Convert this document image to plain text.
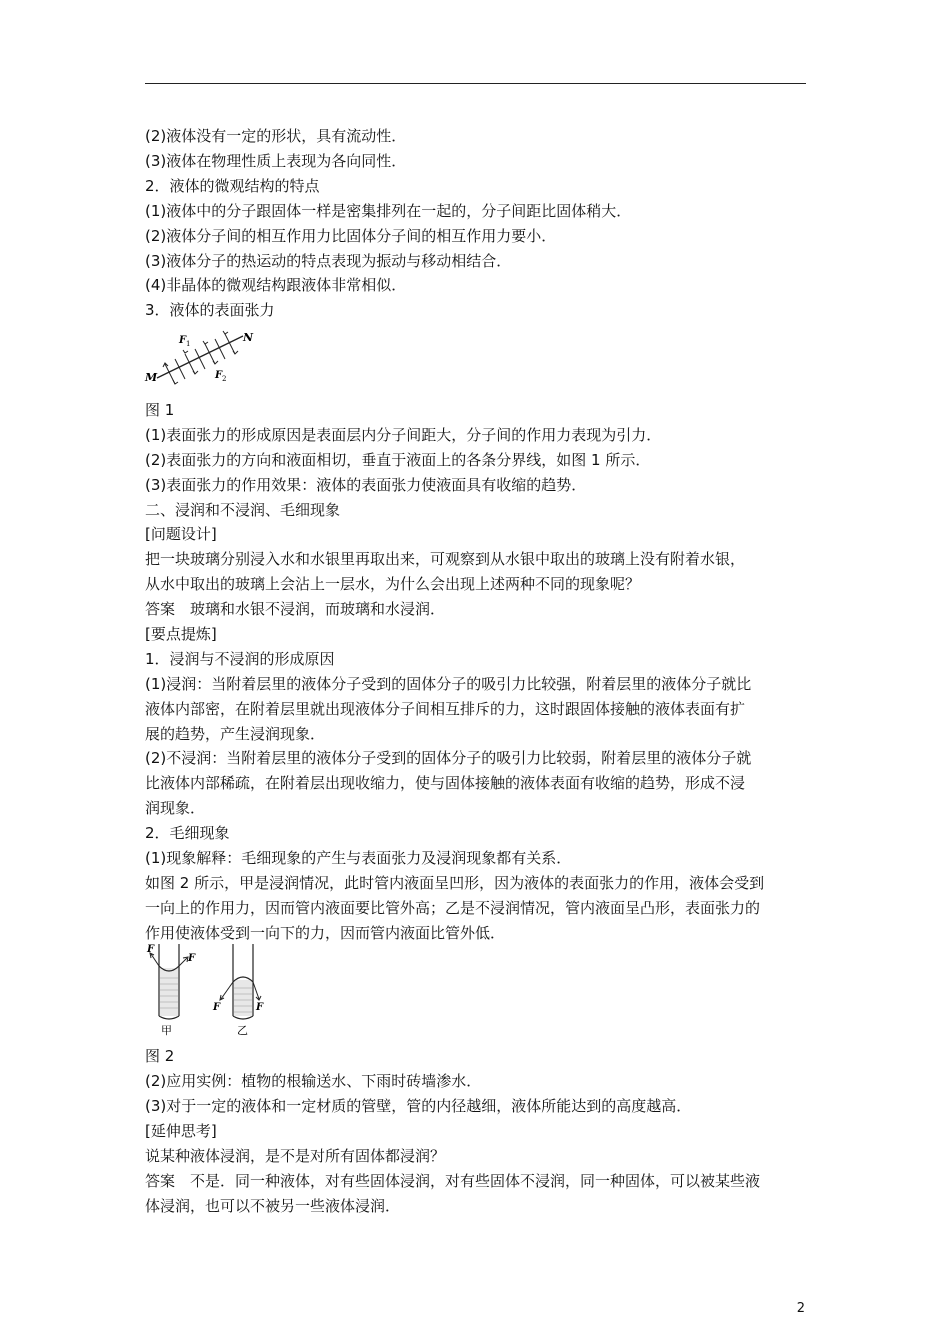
(2)液体没有一定的形状，具有流动性．
(3)液体在物理性质上表现为各向同性．
2．液体的微观结构的特点
(1)液体中的分子跟固体一样是密集排列在一起的，分子间距比固体稍大．
(2)液体分子间的相互作用力比固体分子间的相互作用力要小．
(3)液体分子的热运动的特点表现为振动与移动相结合．
(4)非晶体的微观结构跟液体非常相似．
3．液体的表面张力
M
N
F 1
F 2
图 1
(1)表面张力的形成原因是表面层内分子间距大，分子间的作用力表现为引力．
(2)表面张力的方向和液面相切，垂直于液面上的各条分界线，如图 1 所示．
(3)表面张力的作用效果：液体的表面张力使液面具有收缩的趋势．
二、浸润和不浸润、毛细现象
[问题设计]
把一块玻璃分别浸入水和水银里再取出来，可观察到从水银中取出的玻璃上没有附着水银，
从水中取出的玻璃上会沾上一层水，为什么会出现上述两种不同的现象呢？
答案　玻璃和水银不浸润，而玻璃和水浸润．
[要点提炼]
1．浸润与不浸润的形成原因
(1)浸润：当附着层里的液体分子受到的固体分子的吸引力比较强，附着层里的液体分子就比
液体内部密，在附着层里就出现液体分子间相互排斥的力，这时跟固体接触的液体表面有扩
展的趋势，产生浸润现象．
(2)不浸润：当附着层里的液体分子受到的固体分子的吸引力比较弱，附着层里的液体分子就
比液体内部稀疏，在附着层出现收缩力，使与固体接触的液体表面有收缩的趋势，形成不浸
润现象．
2．毛细现象
(1)现象解释：毛细现象的产生与表面张力及浸润现象都有关系．
如图 2 所示，甲是浸润情况，此时管内液面呈凹形，因为液体的表面张力的作用，液体会受到
一向上的作用力，因而管内液面要比管外高；乙是不浸润情况，管内液面呈凸形，表面张力的
作用使液体受到一向下的力，因而管内液面比管外低．
F
F
甲
F	F
乙
图 2
(2)应用实例：植物的根输送水、下雨时砖墙渗水．
(3)对于一定的液体和一定材质的管壁，管的内径越细，液体所能达到的高度越高．
[延伸思考]
说某种液体浸润，是不是对所有固体都浸润？
答案　不是．同一种液体，对有些固体浸润，对有些固体不浸润，同一种固体，可以被某些液
体浸润，也可以不被另一些液体浸润．
2
